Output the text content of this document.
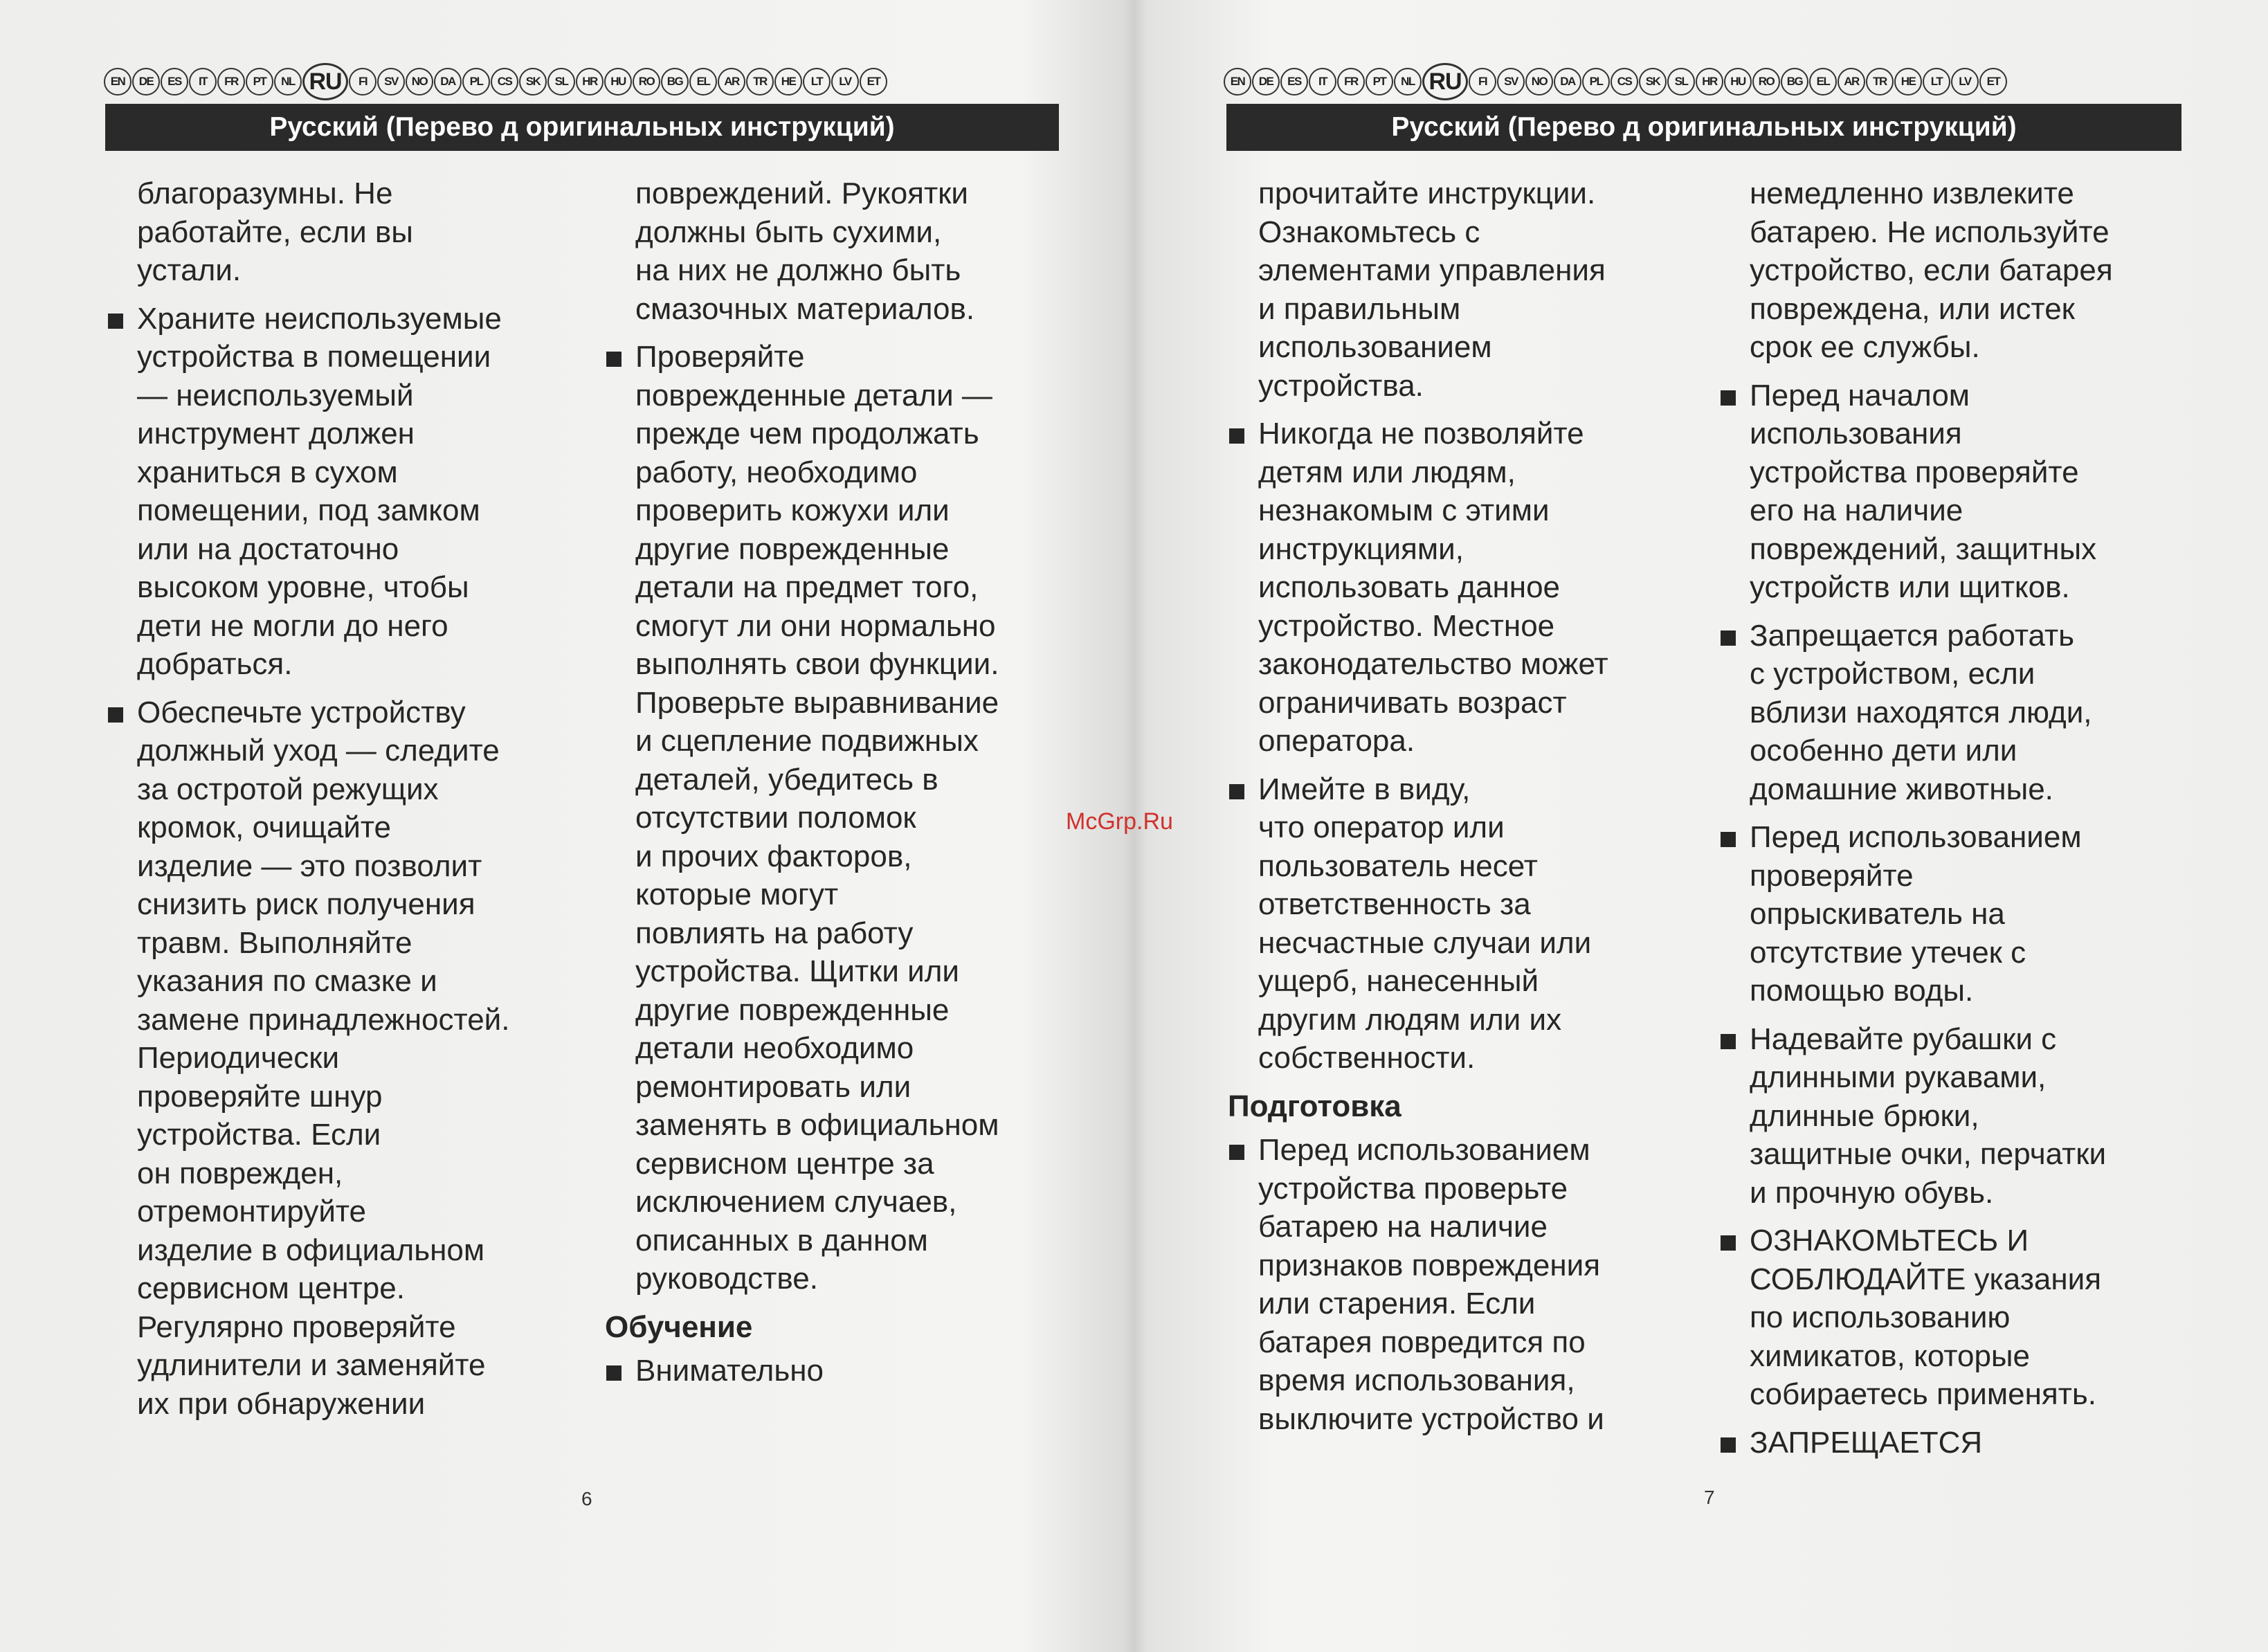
EN	DE	ES	IT	FR	PT	NL RU	FI	SV	NO	DA	PL	CS	SK	SL	HR	HU	RO	BG	EL	AR	TR	HE	LT	LV	ET
Русский (Перево д оригинальных инструкций)
благоразумны. Не
работайте, если вы
устали.
Храните неиспользуемые
устройства в помещении
— неиспользуемый
инструмент должен
храниться в сухом
помещении, под замком
или на достаточно
высоком уровне, чтобы
дети не могли до него
добраться.
Обеспечьте устройству
должный уход — следите
за остротой режущих
кромок, очищайте
изделие — это позволит
снизить риск получения
травм. Выполняйте
указания по смазке и
замене принадлежностей.
Периодически
проверяйте шнур
устройства. Если
он поврежден,
отремонтируйте
изделие в официальном
сервисном центре.
Регулярно проверяйте
удлинители и заменяйте
их при обнаружении
повреждений. Рукоятки
должны быть сухими,
на них не должно быть
смазочных материалов.
Проверяйте
поврежденные детали —
прежде чем продолжать
работу, необходимо
проверить кожухи или
другие поврежденные
детали на предмет того,
смогут ли они нормально
выполнять свои функции.
Проверьте выравнивание
и сцепление подвижных
деталей, убедитесь в
отсутствии поломок
и прочих факторов,
которые могут
повлиять на работу
устройства. Щитки или
другие поврежденные
детали необходимо
ремонтировать или
заменять в официальном
сервисном центре за
исключением случаев,
описанных в данном
руководстве.
Обучение
Внимательно
6
EN	DE	ES	IT	FR	PT	NL RU	FI	SV	NO	DA	PL	CS	SK	SL	HR	HU	RO	BG	EL	AR	TR	HE	LT	LV	ET
Русский (Перево д оригинальных инструкций)
прочитайте инструкции.
Ознакомьтесь с
элементами управления
и правильным
использованием
устройства.
Никогда не позволяйте
детям или людям,
незнакомым с этими
инструкциями,
использовать данное
устройство. Местное
законодательство может
ограничивать возраст
оператора.
Имейте в виду,
что оператор или
пользователь несет
ответственность за
несчастные случаи или
ущерб, нанесенный
другим людям или их
собственности.
Подготовка
Перед использованием
устройства проверьте
батарею на наличие
признаков повреждения
или старения. Если
батарея повредится по
время использования,
выключите устройство и
немедленно извлеките
батарею. Не используйте
устройство, если батарея
повреждена, или истек
срок ее службы.
Перед началом
использования
устройства проверяйте
его на наличие
повреждений, защитных
устройств или щитков.
Запрещается работать
с устройством, если
вблизи находятся люди,
особенно дети или
домашние животные.
Перед использованием
проверяйте
опрыскиватель на
отсутствие утечек с
помощью воды.
Надевайте рубашки с
длинными рукавами,
длинные брюки,
защитные очки, перчатки
и прочную обувь.
ОЗНАКОМЬТЕСЬ И
СОБЛЮДАЙТЕ указания
по использованию
химикатов, которые
собираетесь применять.
ЗАПРЕЩАЕТСЯ
7
McGrp.Ru
